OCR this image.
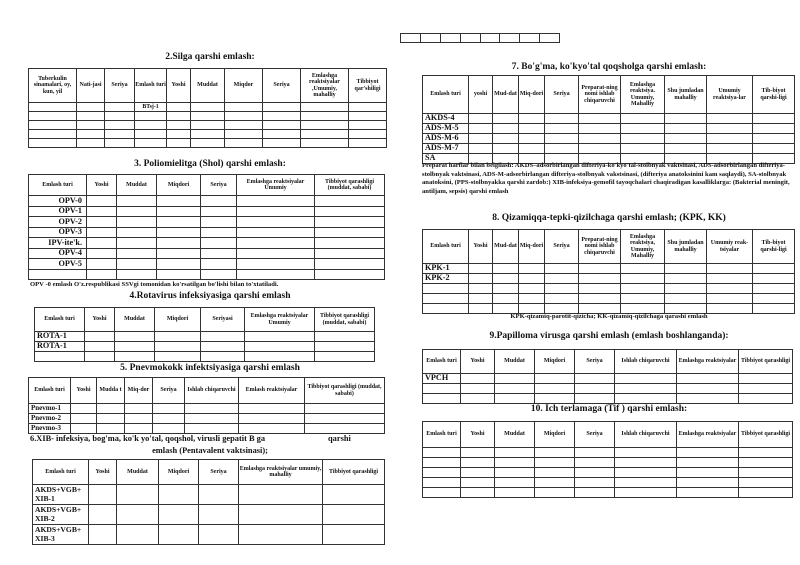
2.Silga qarshi emlash:
Tuberkulin sinamalari, oy, kun, yil	Nati-jasi	Seriya	Emlash turi	Yoshi	Muddat	Miqdor	Seriya	Emlashga reaktsiyalar ,Umumiy, mahalliy	Tibbiyot qar'shiligi
			BTsj-1						

3. Poliomielitga (Shol) qarshi emlash:
Emlash turi	Yoshi	Muddat	Miqdori	Seriya	Emlashga reaktsiyalar Umumiy	Tibbiyot qarashligi (muddat, sababi)
OPV-0						
OPV-1						
OPV-2						
OPV-3						
IPV-ite'k.						
OPV-4						
OPV-5						

OPV -0 emlash O'z.respublikasi SSVgi tomonidan ko'rsatilgan bo'lishi bilan to'xtatiladi.

4.Rotavirus infeksiyasiga qarshi emlash
Emlash turi	Yoshi	Muddat	Miqdori	Seriyasi	Emlashga reaktsiyalar Umumiy	Tibbiyot qarashligi (muddat, sababi)
ROTA-1						
ROTA-1						

5. Pnevmokokk infektsiyasiga qarshi emlash
Emlash turi	Yoshi	Mudda t	Miq-dor	Seriya	Ishlab chiqaruvchi	Emlash reaktsiyalar	Tibbiyot qarashligi (muddat, sababi)
Pnevmo-1							
Pnevmo-2							
Pnevmo-3							
6.XIB- infeksiya, bog'ma, ko'k yo'tal, qoqshol, virusli gepatit B ga	qarshi
emlash (Pentavalent vaktsinasi);
Emlash turi	Yoshi	Muddat	Miqdori	Seriya	Emlashga reaktsiyalar umumiy, mahalliy	Tibbiyot qarashligi
AKDS+VGB+ XIB-1						
AKDS+VGB+ XIB-2						
AKDS+VGB+ XIB-3						

7. Bo'g'ma, ko'kyo'tal qoqsholga qarshi emlash:
Emlash turi	yoshi	Mud-dat	Miq-dori	Seriya	Preparat-ning nomi ishlab chiqaruvchi	Emlashga reaktsiya. Umumiy, Mahalliy	Shu jumladan mahalliy	Umumiy reaktsiya-lar	Tib-biyot qarshi-ligi
AKDS-4									
ADS-M-5									
ADS-M-6									
ADS-M-7									
SA									

Preparat harflar bilan belgilash: AKDS–adsorbirlangan difteriya-ko'kyo'tal-stolbnyak vaktsinasi, ADS-adsorbirlangan difteriya-stolbnyak vaktsinasi, ADS-M-adsorbirlangan difteriya-stolbnyak vakstsinasi, (difteriya anatoksinini kam saqlaydi), SA-stolbnyak anatoksini, (PPS-stolbnyakka qarshi zardob:) XIB-infeksiya-gemofil tayoqchalari chaqiradigan kasalliklarga: (Bakterial meningit, antiljam, sepsis) qarshi emlash

8. Qizamiqqa-tepki-qizilchaga qarshi emlash; (KPK, KK)
Emlash turi	Yoshi	Mud-dat	Miq-dori	Seriya	Preparat-ning nomi ishlab chiqaruvchi	Emlashga reaktsiya, Umumiy, Mahalliy	Shu jumladan mahalliy	Umumiy reak-tsiyalar	Tib-biyot qarshi-ligi
KPK-1									
KPK-2									

KPK-qizamiq-parotit-qizicha; KK-qizamiq-qizilchaga qarashi emlash

9.Papilloma virusga qarshi emlash (emlash boshlanganda):
Emlash turi	Yoshi	Muddat	Miqdori	Seriya	Ishlab chiqaruvchi	Emlashga reaktsiyalar	Tibbiyot qarashligi
VPCH							

10. Ich terlamaga (Tif ) qarshi emlash:
Emlash turi	Yoshi	Muddat	Miqdori	Seriya	Ishlab chiqaruvchi	Emlashga reaktsiyalar	Tibbiyot qarashligi
